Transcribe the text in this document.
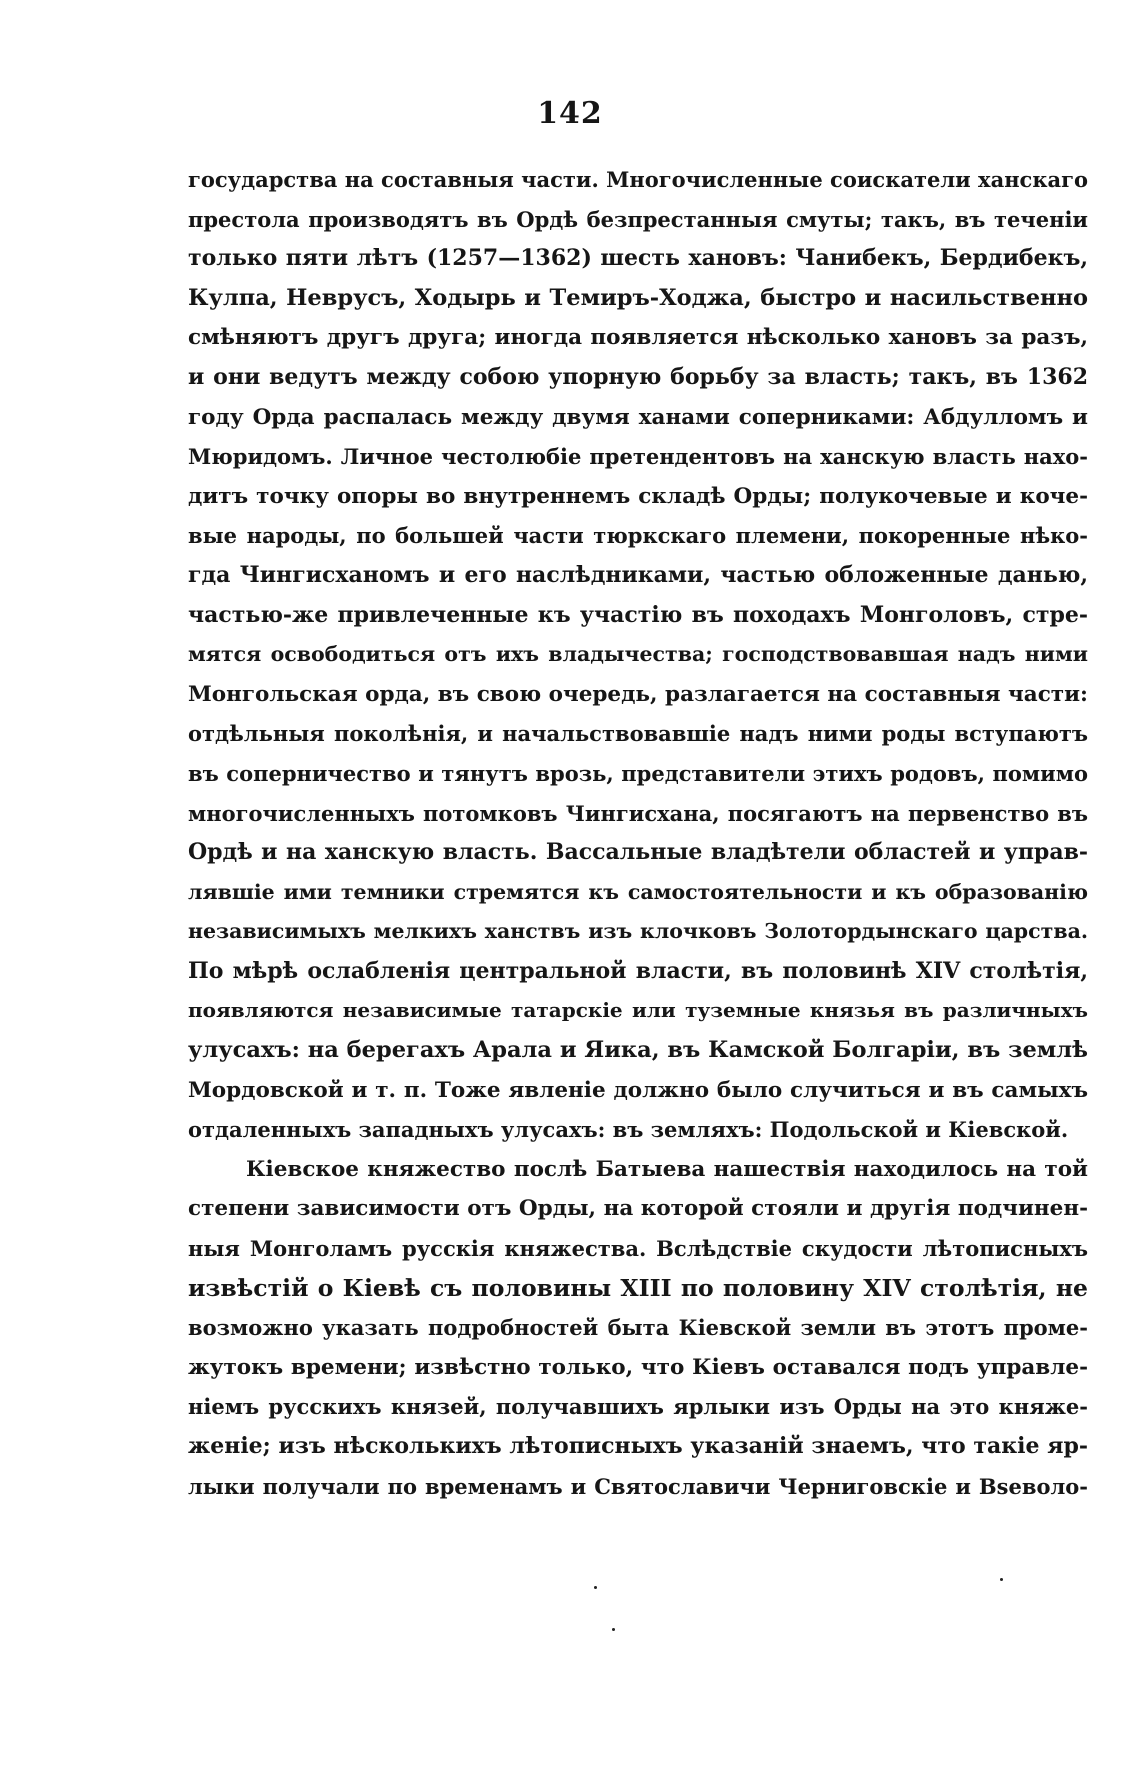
142
государства на составныя части. Многочисленные соискатели ханскаго
престола производятъ въ Ордѣ безпрестанныя смуты; такъ, въ теченіи
только пяти лѣтъ (1257—1362) шесть хановъ: Чанибекъ, Бердибекъ,
Кулпа, Неврусъ, Ходырь и Темиръ-Ходжа, быстро и насильственно
смѣняютъ другъ друга; иногда появляется нѣсколько хановъ за разъ,
и они ведутъ между собою упорную борьбу за власть; такъ, въ 1362
году Орда распалась между двумя ханами соперниками: Абдулломъ и
Мюридомъ. Личное честолюбіе претендентовъ на ханскую власть нахо-
дитъ точку опоры во внутреннемъ складѣ Орды; полукочевые и коче-
вые народы, по большей части тюркскаго племени, покоренные нѣко-
гда Чингисханомъ и его наслѣдниками, частью обложенные данью,
частью-же привлеченные къ участію въ походахъ Монголовъ, стре-
мятся освободиться отъ ихъ владычества; господствовавшая надъ ними
Монгольская орда, въ свою очередь, разлагается на составныя части:
отдѣльныя поколѣнія, и начальствовавшіе надъ ними роды вступаютъ
въ соперничество и тянутъ врозь, представители этихъ родовъ, помимо
многочисленныхъ потомковъ Чингисхана, посягаютъ на первенство въ
Ордѣ и на ханскую власть. Вассальные владѣтели областей и управ-
лявшіе ими темники стремятся къ самостоятельности и къ образованію
независимыхъ мелкихъ ханствъ изъ клочковъ Золотордынскаго царства.
По мѣрѣ ослабленія центральной власти, въ половинѣ XIV столѣтія,
появляются независимые татарскіе или туземные князья въ различныхъ
улусахъ: на берегахъ Арала и Яика, въ Камской Болгаріи, въ землѣ
Мордовской и т. п. Тоже явленіе должно было случиться и въ самыхъ
отдаленныхъ западныхъ улусахъ: въ земляхъ: Подольской и Кіевской.
Кіевское княжество послѣ Батыева нашествія находилось на той
степени зависимости отъ Орды, на которой стояли и другія подчинен-
ныя Монголамъ русскія княжества. Вслѣдствіе скудости лѣтописныхъ
извѣстій о Кіевѣ съ половины XIII по половину XIV столѣтія, не
возможно указать подробностей быта Кіевской земли въ этотъ проме-
жутокъ времени; извѣстно только, что Кіевъ оставался подъ управле-
ніемъ русскихъ князей, получавшихъ ярлыки изъ Орды на это княже-
женіе; изъ нѣсколькихъ лѣтописныхъ указаній знаемъ, что такіе яр-
лыки получали по временамъ и Святославичи Черниговскіе и Вsеволо-
